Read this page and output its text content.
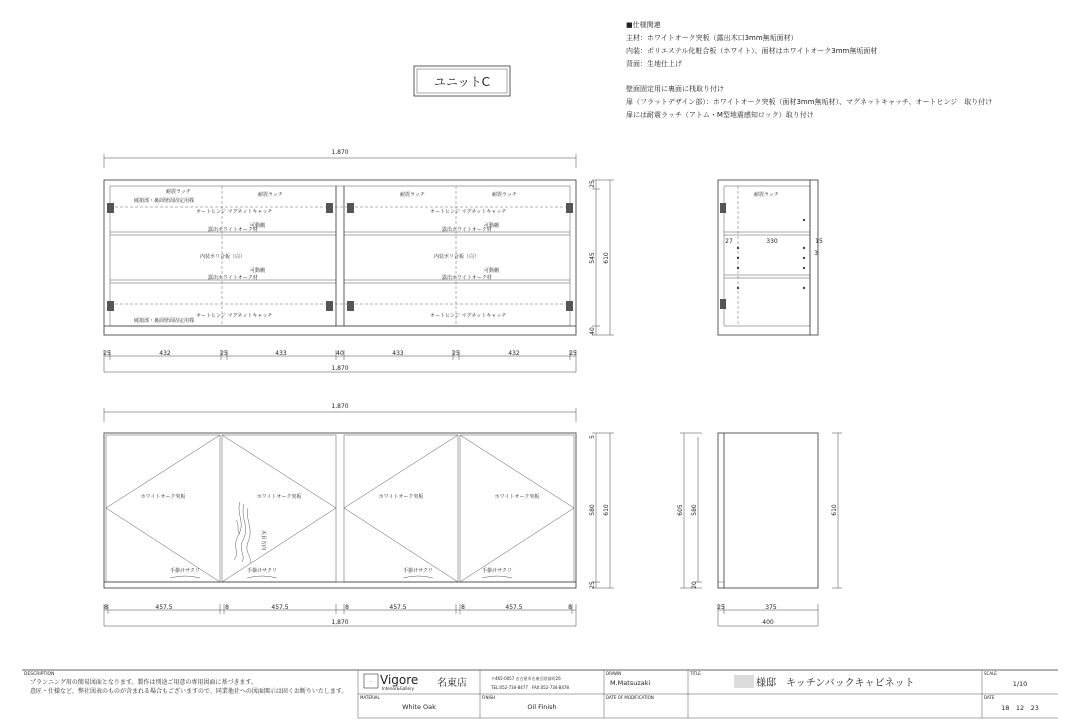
■仕様関連
主材：ホワイトオーク突板（露出木口3mm無垢面材）
内装：ポリエステル化粧合板（ホワイト）、面材はホワイトオーク3mm無垢面材
背面：生地仕上げ
壁面固定用に裏面に桟取り付け
扉（フラットデザイン部）：ホワイトオーク突板（面材3mm無垢材）、マグネットキャッチ、オートヒンジ　取り付け
扉には耐震ラッチ（アトム・M型地震感知ロック）取り付け
ユニットC
1,870
耐震ラッチ	耐震ラッチ	耐震ラッチ	耐震ラッチ
破損部・裏面壁面固定用桟
破損部・裏面壁面固定用桟
可動棚
可動棚
可動棚
可動棚
内装ポリ合板（白）	内装ポリ合板（白）
露出ホワイトオーク材
露出ホワイトオーク材
露出ホワイトオーク材
露出ホワイトオーク材
オートヒンジ マグネットキャッチ	オートヒンジ マグネットキャッチ
オートヒンジ マグネットキャッチ	オートヒンジ マグネットキャッチ
25
545 610
40
25	432	25	433	40	433	25	432	25
1,870
耐震ラッチ
27	330	15
3
1,870
ホワイトオーク突板	ホワイトオーク突板	ホワイトオーク突板	ホワイトオーク突板
手掛けサクリ	手掛けサクリ	手掛けサクリ	手掛けサクリ
木目方向
5
580 610
25
8	457.5	8	457.5	8	457.5	8	457.5	8
1,870
605 580
20
610
25	375
400
DESCRIPTION
プランニング用の簡易図面となります。製作は別途ご用意の専用図面に基づきます。
意匠・仕様など、弊社図表のものが含まれる場合もございますので、同業他社への図面開示は固くお断りいたします。
· Vigore
Interior&Gallery 名東店	〒465-0057 名古屋市名東区陸前町26
TEL:052-734-8477　FAX:052-734-8478
DRAWN
M.Matsuzaki
TITLE
様邸　キッチンバックキャビネット
SCALE
1/10
MATERIAL
White Oak
FINISH
Oil Finish
DATE OF MODIFICATION	DATE
18　12　23
